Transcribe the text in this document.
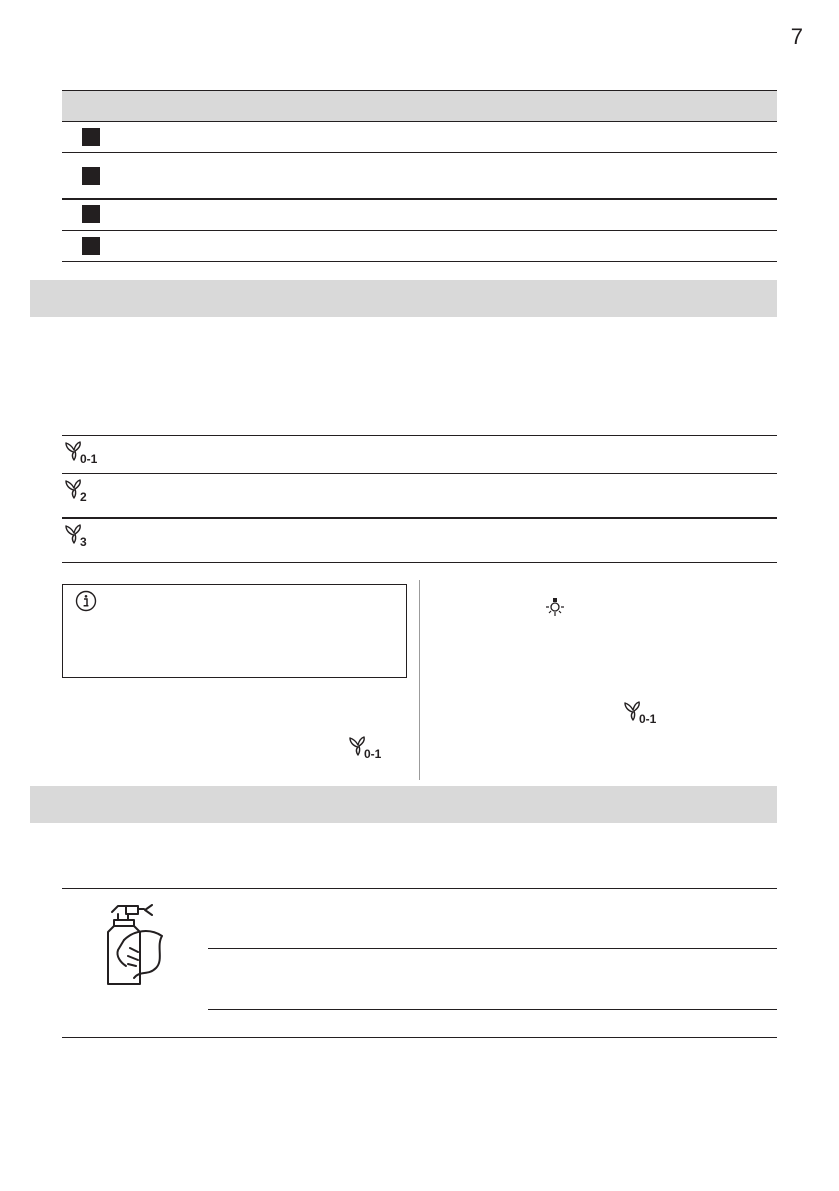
7
0-1
2
3
0-1
0-1
